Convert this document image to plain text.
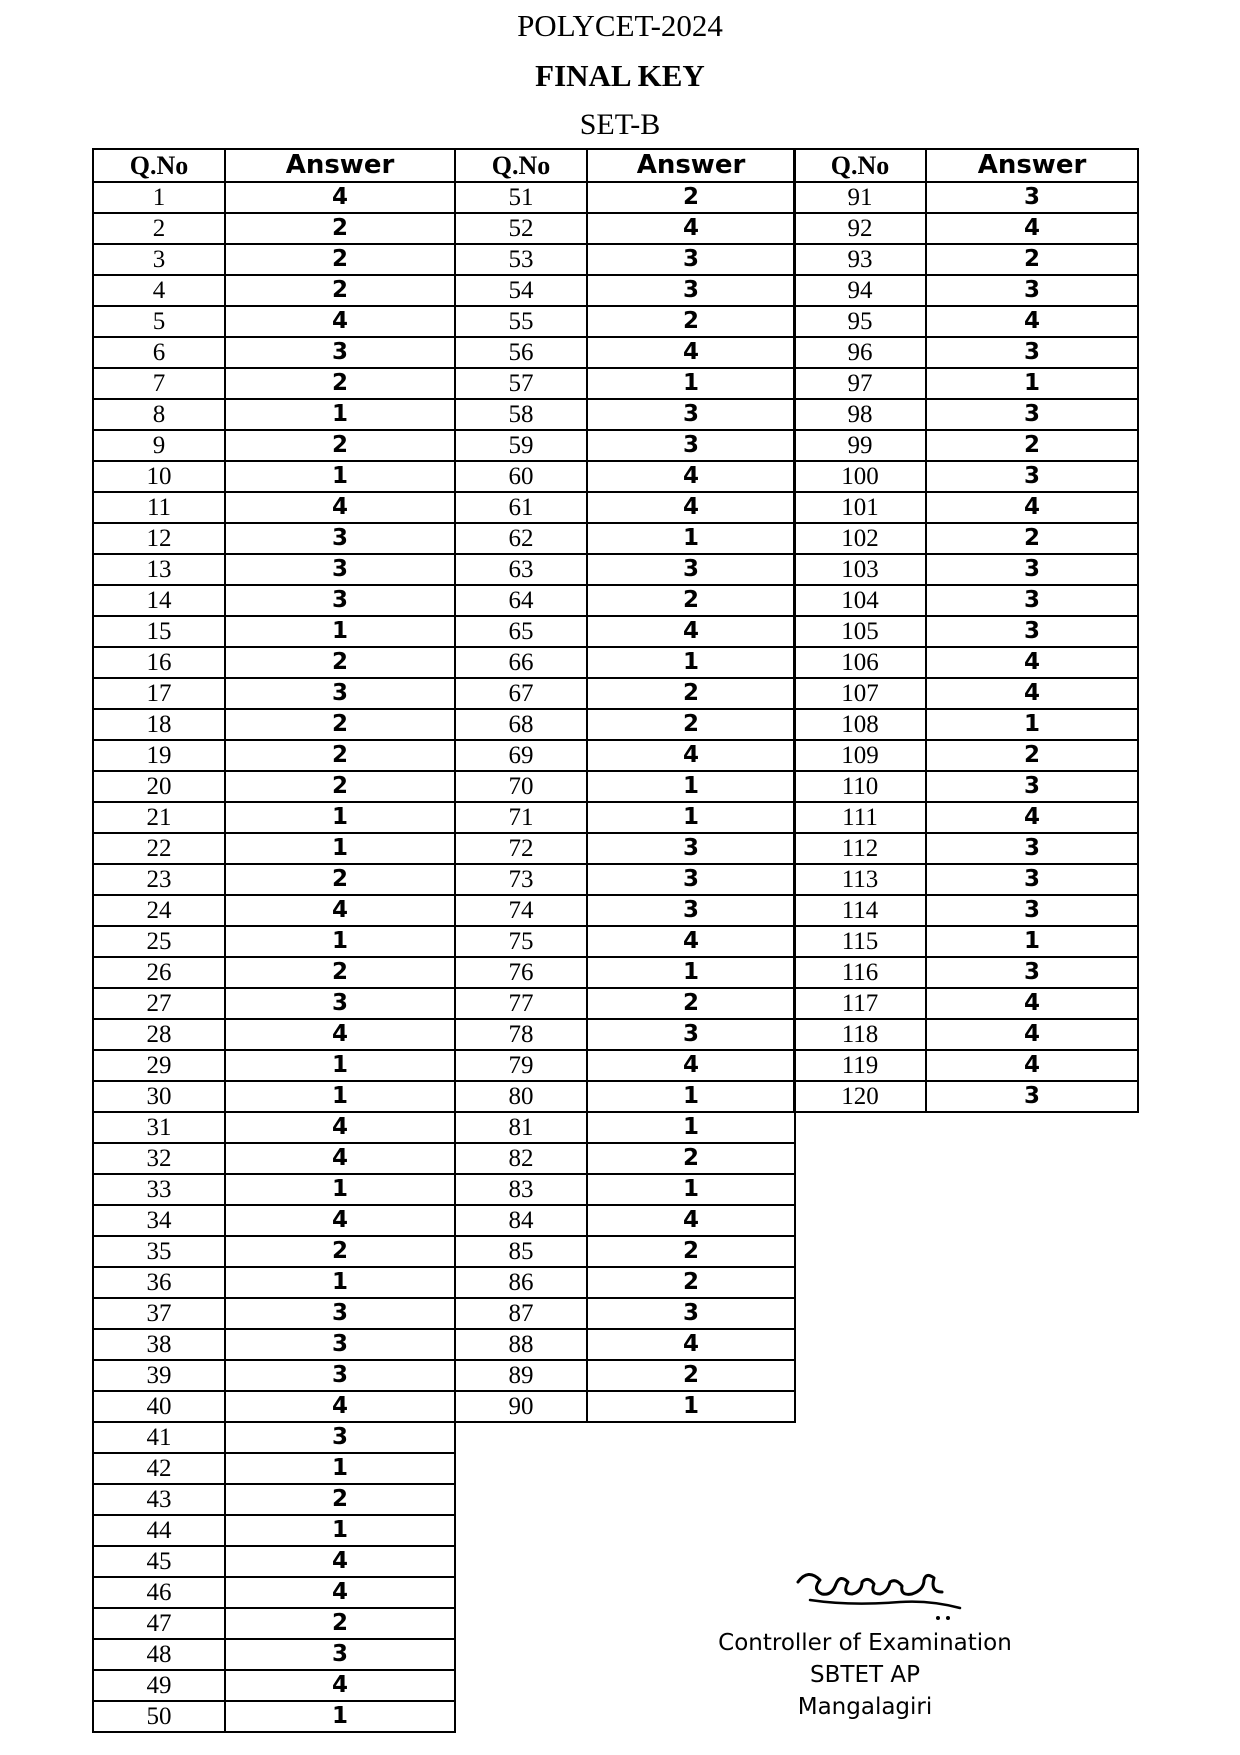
POLYCET-2024
FINAL KEY
SET-B
Q.No	Answer
1	4
2	2
3	2
4	2
5	4
6	3
7	2
8	1
9	2
10	1
11	4
12	3
13	3
14	3
15	1
16	2
17	3
18	2
19	2
20	2
21	1
22	1
23	2
24	4
25	1
26	2
27	3
28	4
29	1
30	1
31	4
32	4
33	1
34	4
35	2
36	1
37	3
38	3
39	3
40	4
41	3
42	1
43	2
44	1
45	4
46	4
47	2
48	3
49	4
50	1
Q.No	Answer
51	2
52	4
53	3
54	3
55	2
56	4
57	1
58	3
59	3
60	4
61	4
62	1
63	3
64	2
65	4
66	1
67	2
68	2
69	4
70	1
71	1
72	3
73	3
74	3
75	4
76	1
77	2
78	3
79	4
80	1
81	1
82	2
83	1
84	4
85	2
86	2
87	3
88	4
89	2
90	1
Q.No	Answer
91	3
92	4
93	2
94	3
95	4
96	3
97	1
98	3
99	2
100	3
101	4
102	2
103	3
104	3
105	3
106	4
107	4
108	1
109	2
110	3
111	4
112	3
113	3
114	3
115	1
116	3
117	4
118	4
119	4
120	3
Controller of Examination
SBTET AP
Mangalagiri
